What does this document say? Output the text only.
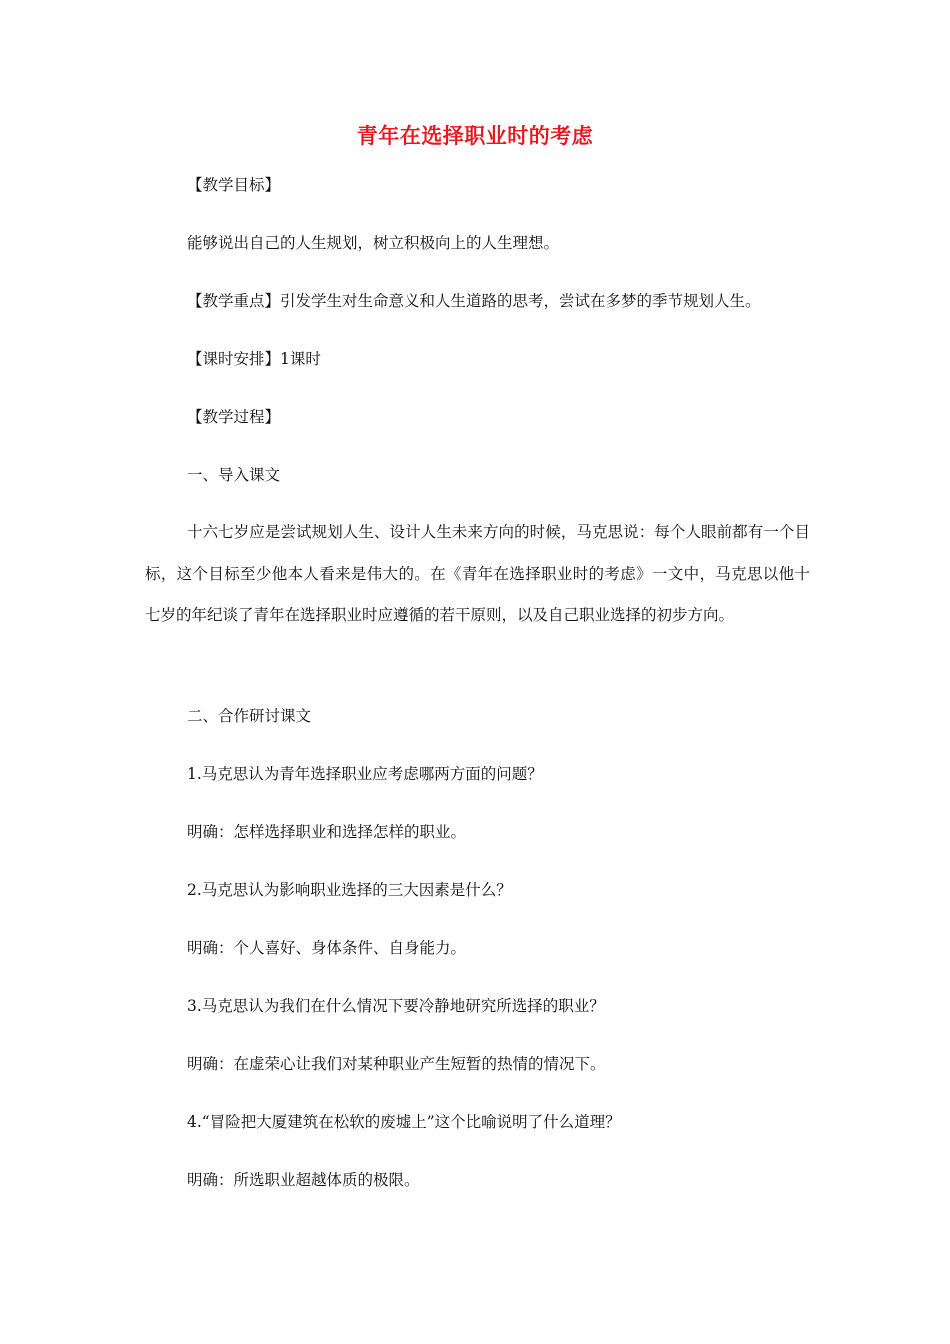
青年在选择职业时的考虑
【教学目标】
能够说出自己的人生规划，树立积极向上的人生理想。
【教学重点】引发学生对生命意义和人生道路的思考，尝试在多梦的季节规划人生。
【课时安排】1课时
【教学过程】
一、导入课文
十六七岁应是尝试规划人生、设计人生未来方向的时候，马克思说：每个人眼前都有一个目标，这个目标至少他本人看来是伟大的。在《青年在选择职业时的考虑》一文中，马克思以他十七岁的年纪谈了青年在选择职业时应遵循的若干原则，以及自己职业选择的初步方向。
二、合作研讨课文
1.马克思认为青年选择职业应考虑哪两方面的问题？
明确：怎样选择职业和选择怎样的职业。
2.马克思认为影响职业选择的三大因素是什么？
明确：个人喜好、身体条件、自身能力。
3.马克思认为我们在什么情况下要冷静地研究所选择的职业？
明确：在虚荣心让我们对某种职业产生短暂的热情的情况下。
4.“冒险把大厦建筑在松软的废墟上”这个比喻说明了什么道理？
明确：所选职业超越体质的极限。
